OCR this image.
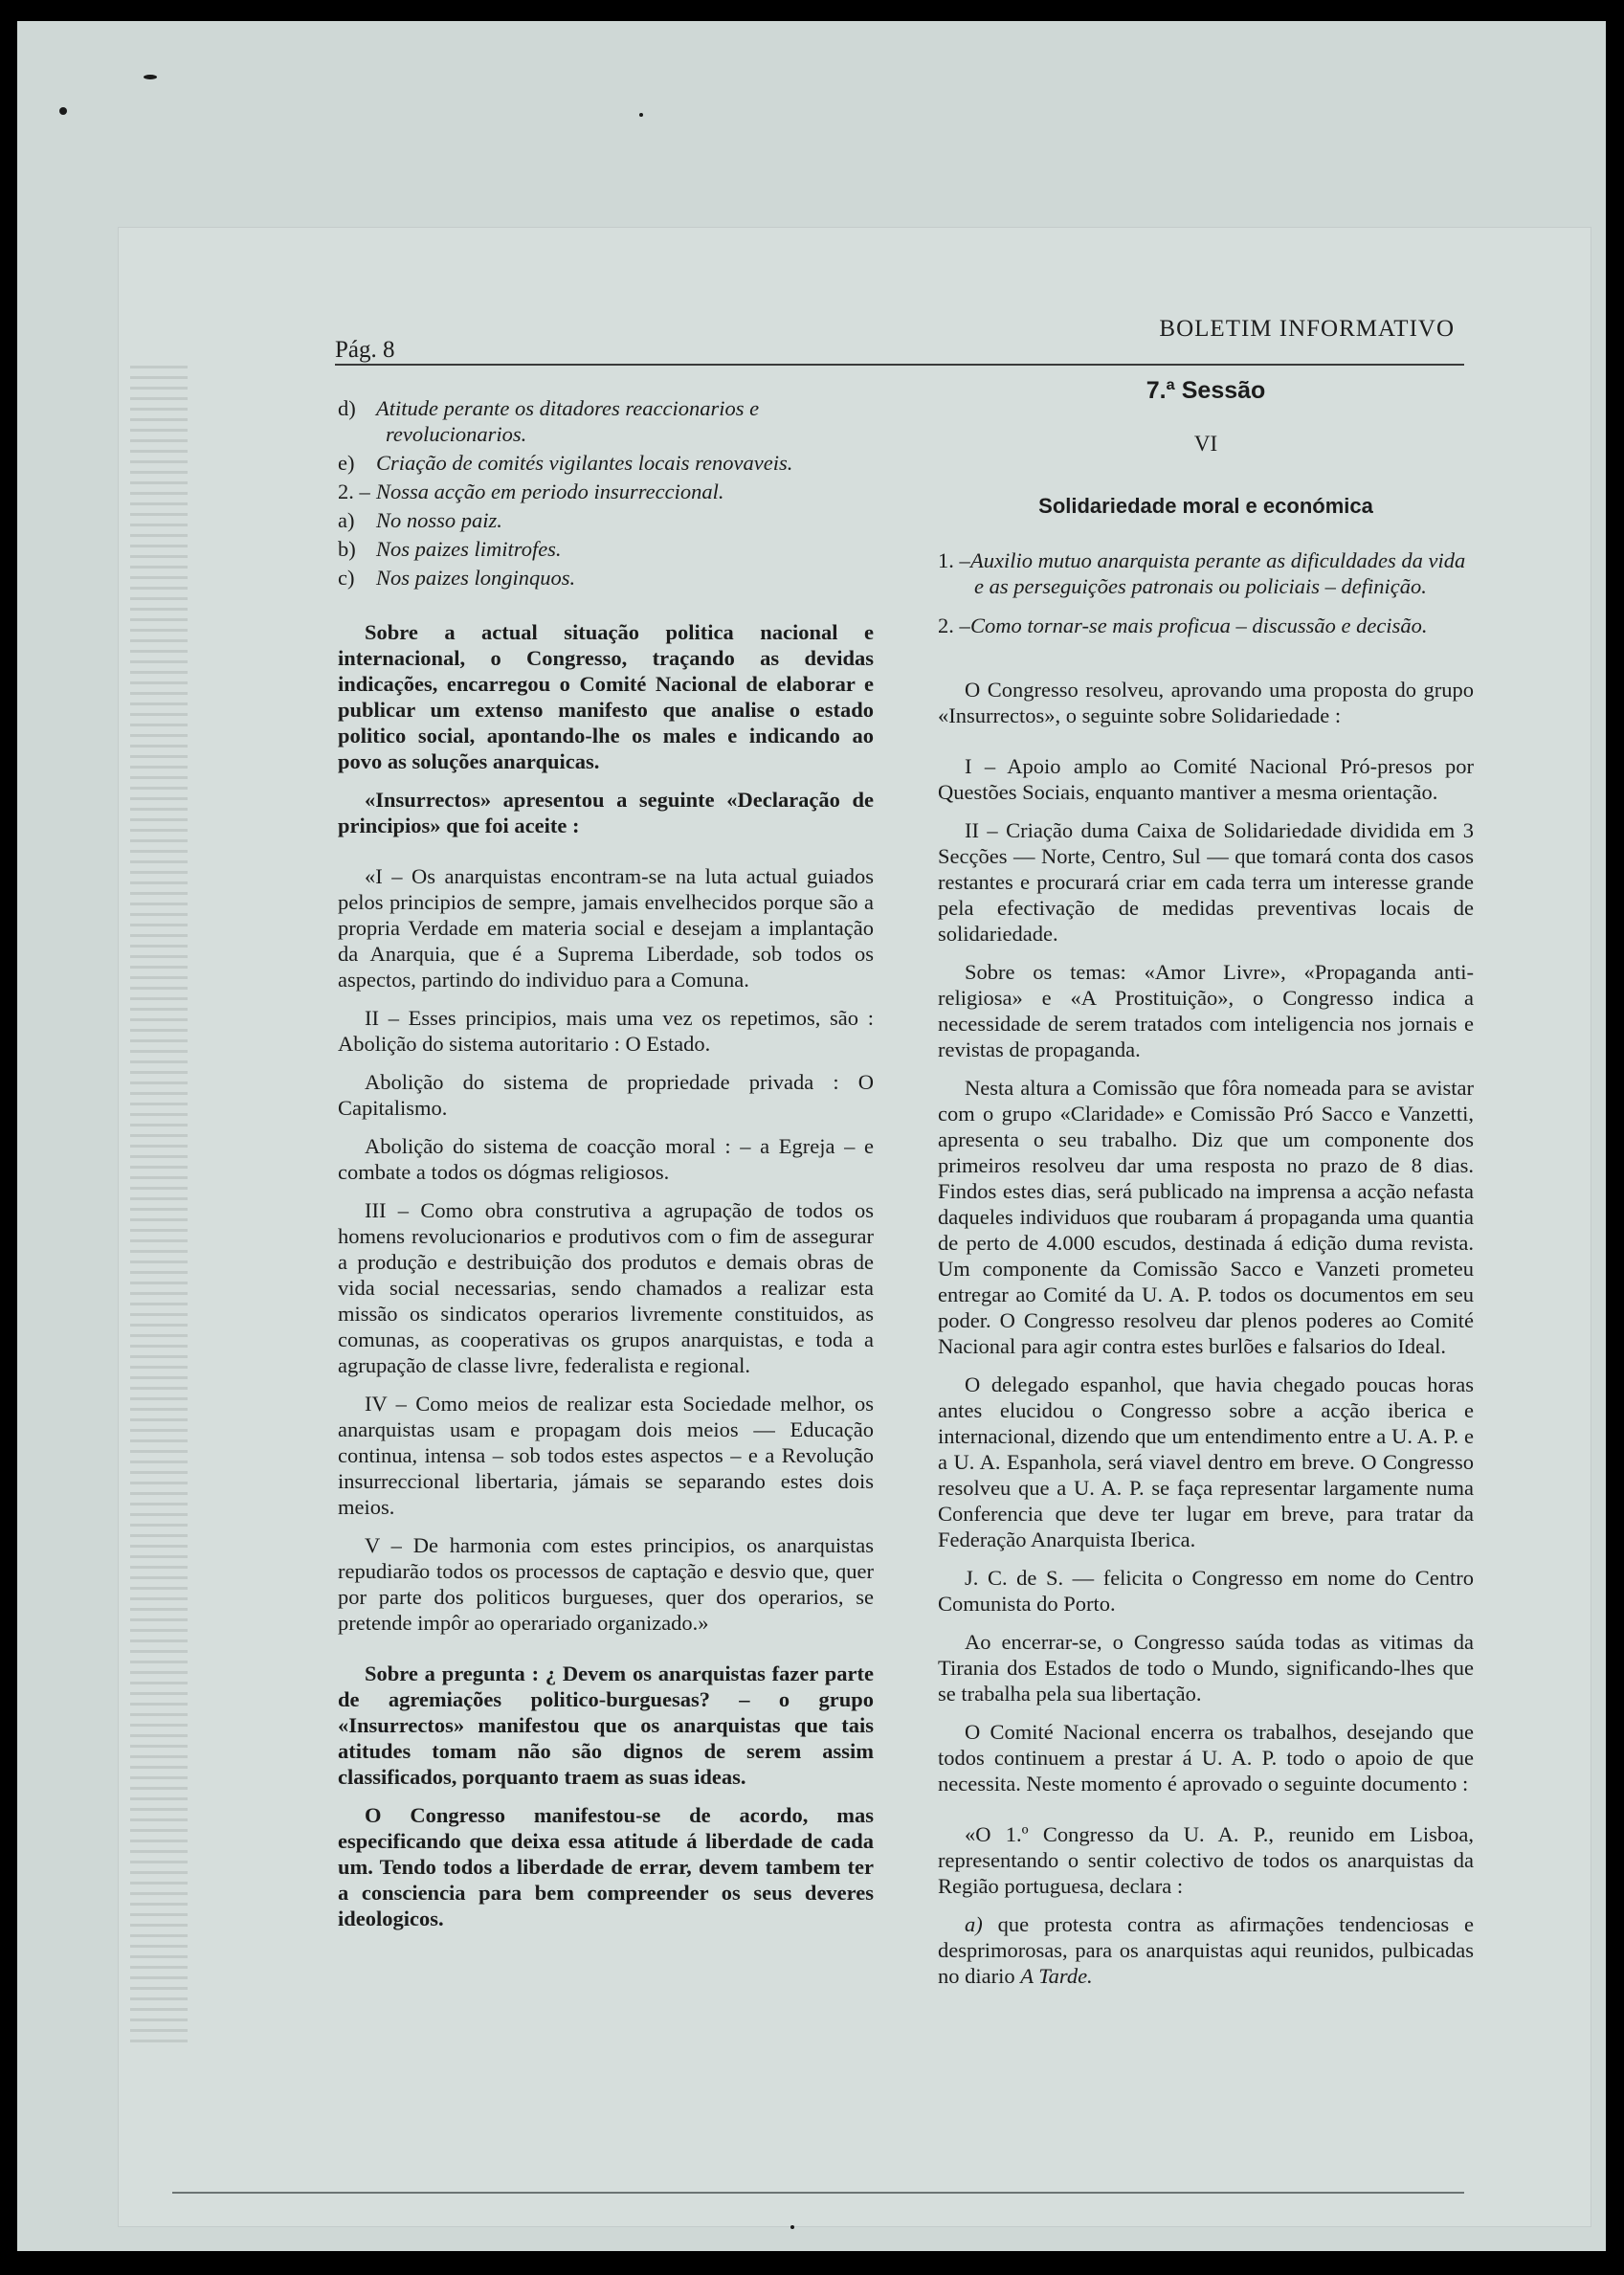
Pág. 8
BOLETIM INFORMATIVO
d) Atitude perante os ditadores reaccionarios e revolucionarios.
e) Criação de comités vigilantes locais renovaveis.
2. – Nossa acção em periodo insurreccional.
a) No nosso paiz.
b) Nos paizes limitrofes.
c) Nos paizes longinquos.

Sobre a actual situação politica nacional e internacional, o Congresso, traçando as devidas indicações, encarregou o Comité Nacional de elaborar e publicar um extenso manifesto que analise o estado politico social, apontando-lhe os males e indicando ao povo as soluções anarquicas.

«Insurrectos» apresentou a seguinte «Declaração de principios» que foi aceite :

«I – Os anarquistas encontram-se na luta actual guiados pelos principios de sempre, jamais envelhecidos porque são a propria Verdade em materia social e desejam a implantação da Anarquia, que é a Suprema Liberdade, sob todos os aspectos, partindo do individuo para a Comuna.

II – Esses principios, mais uma vez os repetimos, são : Abolição do sistema autoritario : O Estado.

Abolição do sistema de propriedade privada : O Capitalismo.

Abolição do sistema de coacção moral : – a Egreja – e combate a todos os dógmas religiosos.

III – Como obra construtiva a agrupação de todos os homens revolucionarios e produtivos com o fim de assegurar a produção e destribuição dos produtos e demais obras de vida social necessarias, sendo chamados a realizar esta missão os sindicatos operarios livremente constituidos, as comunas, as cooperativas os grupos anarquistas, e toda a agrupação de classe livre, federalista e regional.

IV – Como meios de realizar esta Sociedade melhor, os anarquistas usam e propagam dois meios — Educação continua, intensa – sob todos estes aspectos – e a Revolução insurreccional libertaria, jámais se separando estes dois meios.

V – De harmonia com estes principios, os anarquistas repudiarão todos os processos de captação e desvio que, quer por parte dos politicos burgueses, quer dos operarios, se pretende impôr ao operariado organizado.»

Sobre a pregunta : ¿ Devem os anarquistas fazer parte de agremiações politico-burguesas? – o grupo «Insurrectos» manifestou que os anarquistas que tais atitudes tomam não são dignos de serem assim classificados, porquanto traem as suas ideas.

O Congresso manifestou-se de acordo, mas especificando que deixa essa atitude á liberdade de cada um. Tendo todos a liberdade de errar, devem tambem ter a consciencia para bem compreender os seus deveres ideologicos.

7.ª Sessão
VI
Solidariedade moral e económica
1. –Auxilio mutuo anarquista perante as dificuldades da vida e as perseguições patronais ou policiais – definição.
2. –Como tornar-se mais proficua – discussão e decisão.

O Congresso resolveu, aprovando uma proposta do grupo «Insurrectos», o seguinte sobre Solidariedade :

I – Apoio amplo ao Comité Nacional Pró-presos por Questões Sociais, enquanto mantiver a mesma orientação.

II – Criação duma Caixa de Solidariedade dividida em 3 Secções — Norte, Centro, Sul — que tomará conta dos casos restantes e procurará criar em cada terra um interesse grande pela efectivação de medidas preventivas locais de solidariedade.

Sobre os temas: «Amor Livre», «Propaganda anti-religiosa» e «A Prostituição», o Congresso indica a necessidade de serem tratados com inteligencia nos jornais e revistas de propaganda.

Nesta altura a Comissão que fôra nomeada para se avistar com o grupo «Claridade» e Comissão Pró Sacco e Vanzetti, apresenta o seu trabalho. Diz que um componente dos primeiros resolveu dar uma resposta no prazo de 8 dias. Findos estes dias, será publicado na imprensa a acção nefasta daqueles individuos que roubaram á propaganda uma quantia de perto de 4.000 escudos, destinada á edição duma revista. Um componente da Comissão Sacco e Vanzeti prometeu entregar ao Comité da U. A. P. todos os documentos em seu poder. O Congresso resolveu dar plenos poderes ao Comité Nacional para agir contra estes burlões e falsarios do Ideal.

O delegado espanhol, que havia chegado poucas horas antes elucidou o Congresso sobre a acção iberica e internacional, dizendo que um entendimento entre a U. A. P. e a U. A. Espanhola, será viavel dentro em breve. O Congresso resolveu que a U. A. P. se faça representar largamente numa Conferencia que deve ter lugar em breve, para tratar da Federação Anarquista Iberica.

J. C. de S. — felicita o Congresso em nome do Centro Comunista do Porto.

Ao encerrar-se, o Congresso saúda todas as vitimas da Tirania dos Estados de todo o Mundo, significando-lhes que se trabalha pela sua libertação.

O Comité Nacional encerra os trabalhos, desejando que todos continuem a prestar á U. A. P. todo o apoio de que necessita. Neste momento é aprovado o seguinte documento :

«O 1.º Congresso da U. A. P., reunido em Lisboa, representando o sentir colectivo de todos os anarquistas da Região portuguesa, declara :

a) que protesta contra as afirmações tendenciosas e desprimorosas, para os anarquistas aqui reunidos, pulbicadas no diario A Tarde.
